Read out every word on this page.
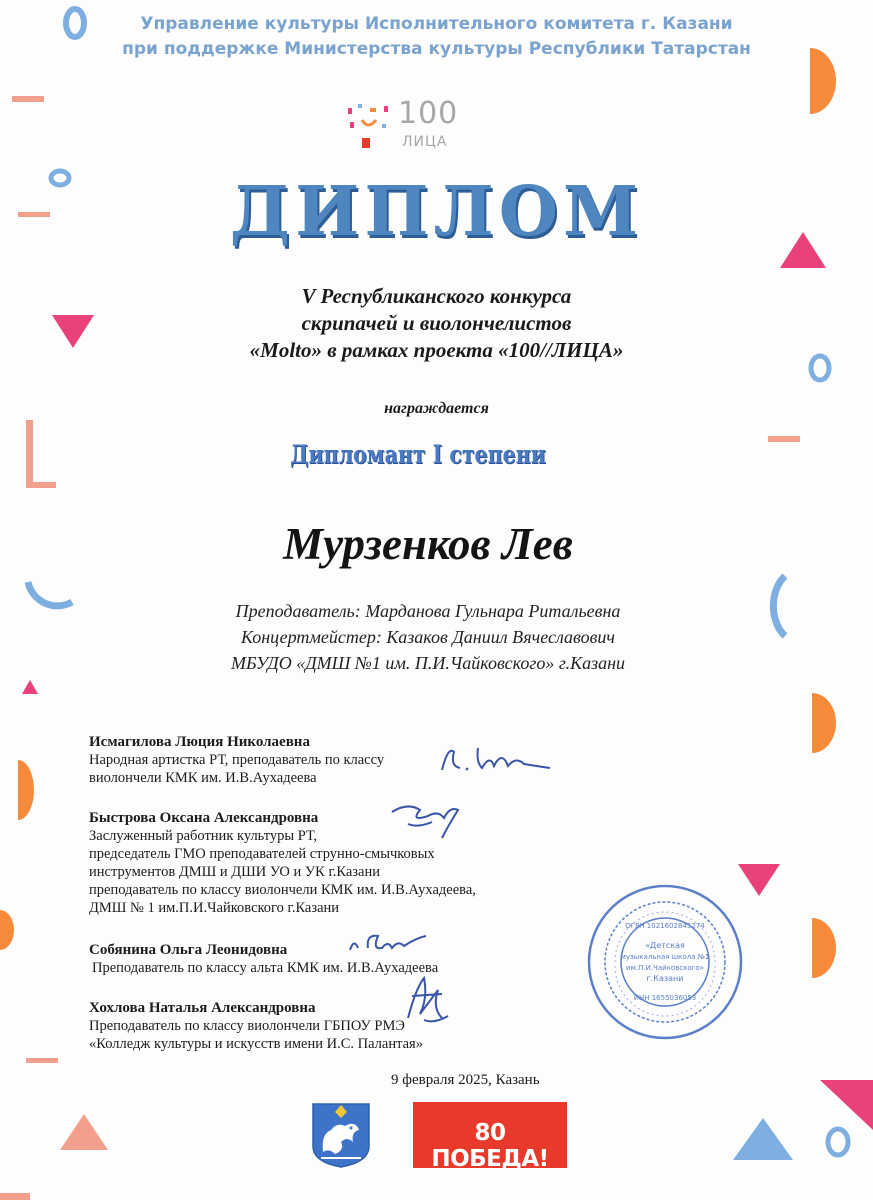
Управление культуры Исполнительного комитета г. Казани
при поддержке Министерства культуры Республики Татарстан
100
ЛИЦА
ДИПЛОМ
V Республиканского конкурса
скрипачей и виолончелистов
«Molto» в рамках проекта «100//ЛИЦА»
награждается
Дипломант I степени
Мурзенков Лев
Преподаватель: Марданова Гульнара Ритальевна
Концертмейстер: Казаков Даниил Вячеславович
МБУДО «ДМШ №1 им. П.И.Чайковского» г.Казани
Исмагилова Люция Николаевна
Народная артистка РТ, преподаватель по классу
виолончели КМК им. И.В.Аухадеева
Быстрова Оксана Александровна
Заслуженный работник культуры РТ,
председатель ГМО преподавателей струнно-смычковых
инструментов ДМШ и ДШИ УО и УК г.Казани
преподаватель по классу виолончели КМК им. И.В.Аухадеева,
ДМШ № 1 им.П.И.Чайковского г.Казани
Собянина Ольга Леонидовна
Преподаватель по классу альта КМК им. И.В.Аухадеева
Хохлова Наталья Александровна
Преподаватель по классу виолончели ГБПОУ РМЭ
«Колледж культуры и искусств имени И.С. Палантая»
«Детская
музыкальная школа №1
им.П.И.Чайковского»
г.Казани
ОГРН 1021602845274
ИНН 1655036053
9 февраля 2025, Казань
80 ПОБЕДА!
